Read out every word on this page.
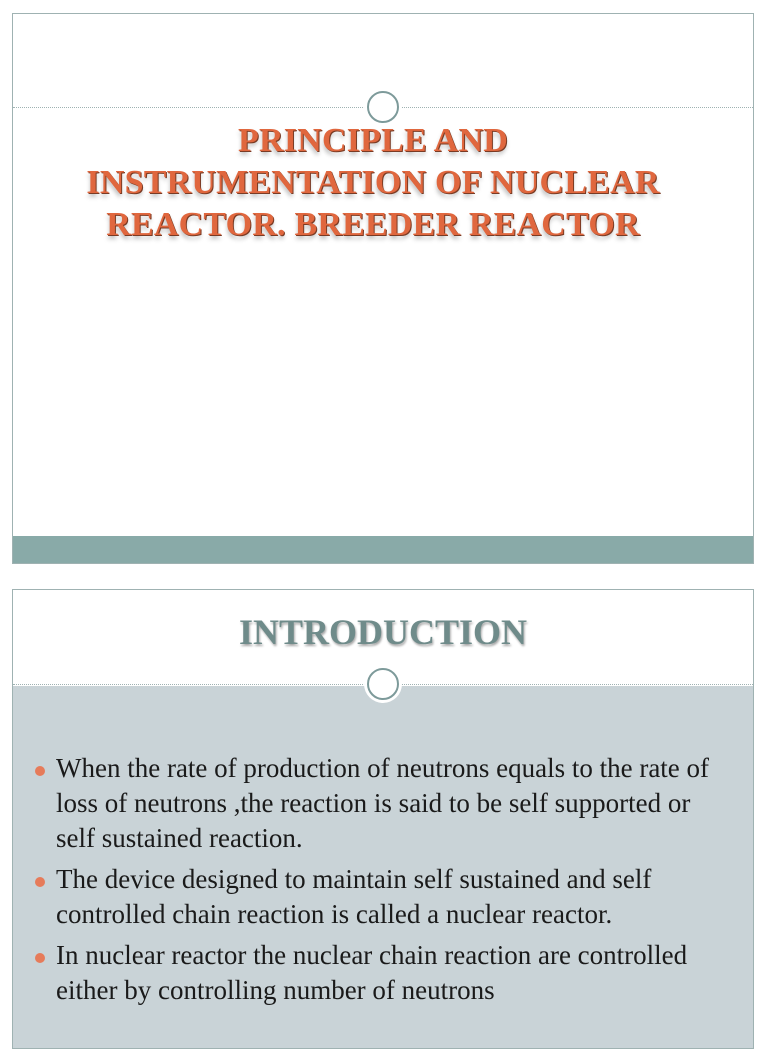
PRINCIPLE AND
INSTRUMENTATION OF NUCLEAR
REACTOR. BREEDER REACTOR
INTRODUCTION
When the rate of production of neutrons equals to the rate of loss of neutrons ,the reaction is said to be self supported or self sustained reaction.
The device designed to maintain self sustained and self controlled chain reaction is called a nuclear reactor.
In nuclear reactor the nuclear chain reaction are controlled either by controlling number of neutrons
